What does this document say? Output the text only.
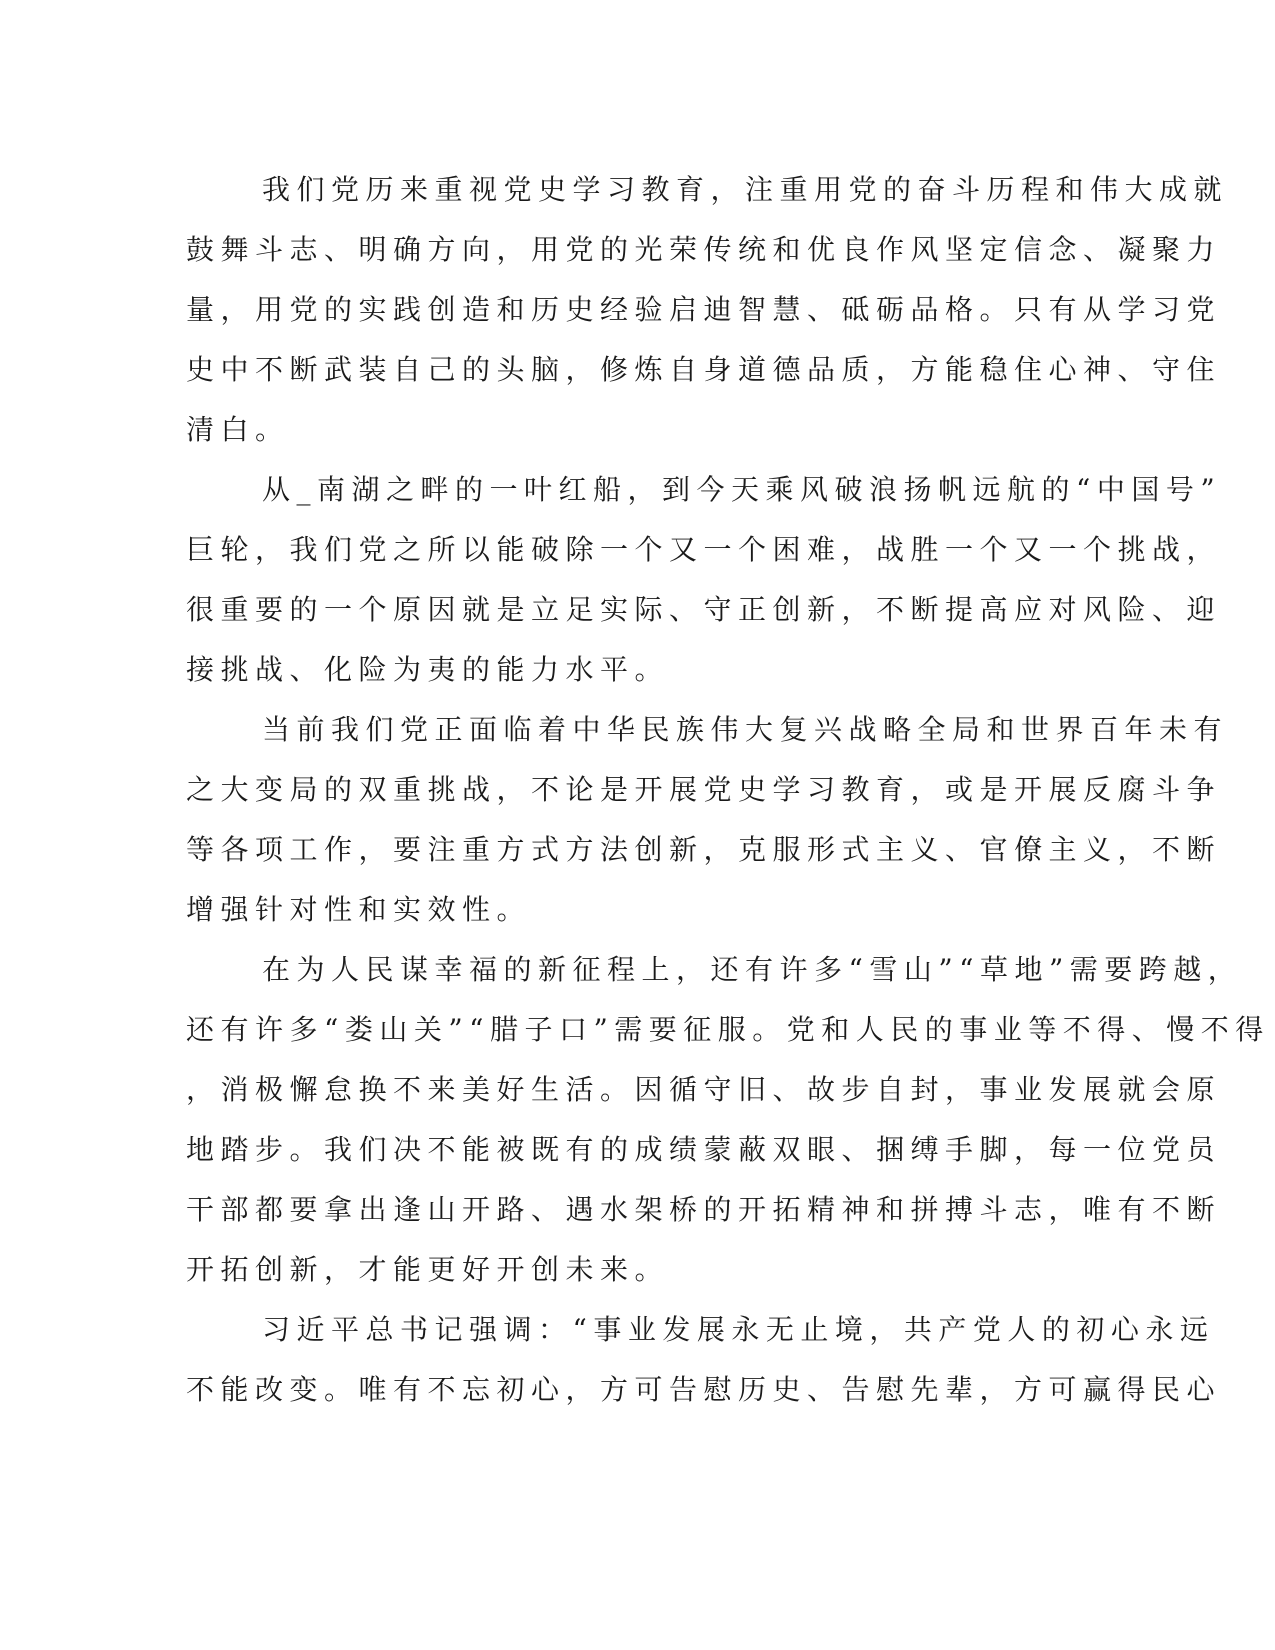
我们党历来重视党史学习教育，注重用党的奋斗历程和伟大成就
鼓舞斗志、明确方向，用党的光荣传统和优良作风坚定信念、凝聚力
量，用党的实践创造和历史经验启迪智慧、砥砺品格。只有从学习党
史中不断武装自己的头脑，修炼自身道德品质，方能稳住心神、守住
清白。
从_南湖之畔的一叶红船，到今天乘风破浪扬帆远航的“中国号”
巨轮，我们党之所以能破除一个又一个困难，战胜一个又一个挑战，
很重要的一个原因就是立足实际、守正创新，不断提高应对风险、迎
接挑战、化险为夷的能力水平。
当前我们党正面临着中华民族伟大复兴战略全局和世界百年未有
之大变局的双重挑战，不论是开展党史学习教育，或是开展反腐斗争
等各项工作，要注重方式方法创新，克服形式主义、官僚主义，不断
增强针对性和实效性。
在为人民谋幸福的新征程上，还有许多“雪山”“草地”需要跨越，
还有许多“娄山关”“腊子口”需要征服。党和人民的事业等不得、慢不得
，消极懈怠换不来美好生活。因循守旧、故步自封，事业发展就会原
地踏步。我们决不能被既有的成绩蒙蔽双眼、捆缚手脚，每一位党员
干部都要拿出逢山开路、遇水架桥的开拓精神和拼搏斗志，唯有不断
开拓创新，才能更好开创未来。
习近平总书记强调：“事业发展永无止境，共产党人的初心永远
不能改变。唯有不忘初心，方可告慰历史、告慰先辈，方可赢得民心
